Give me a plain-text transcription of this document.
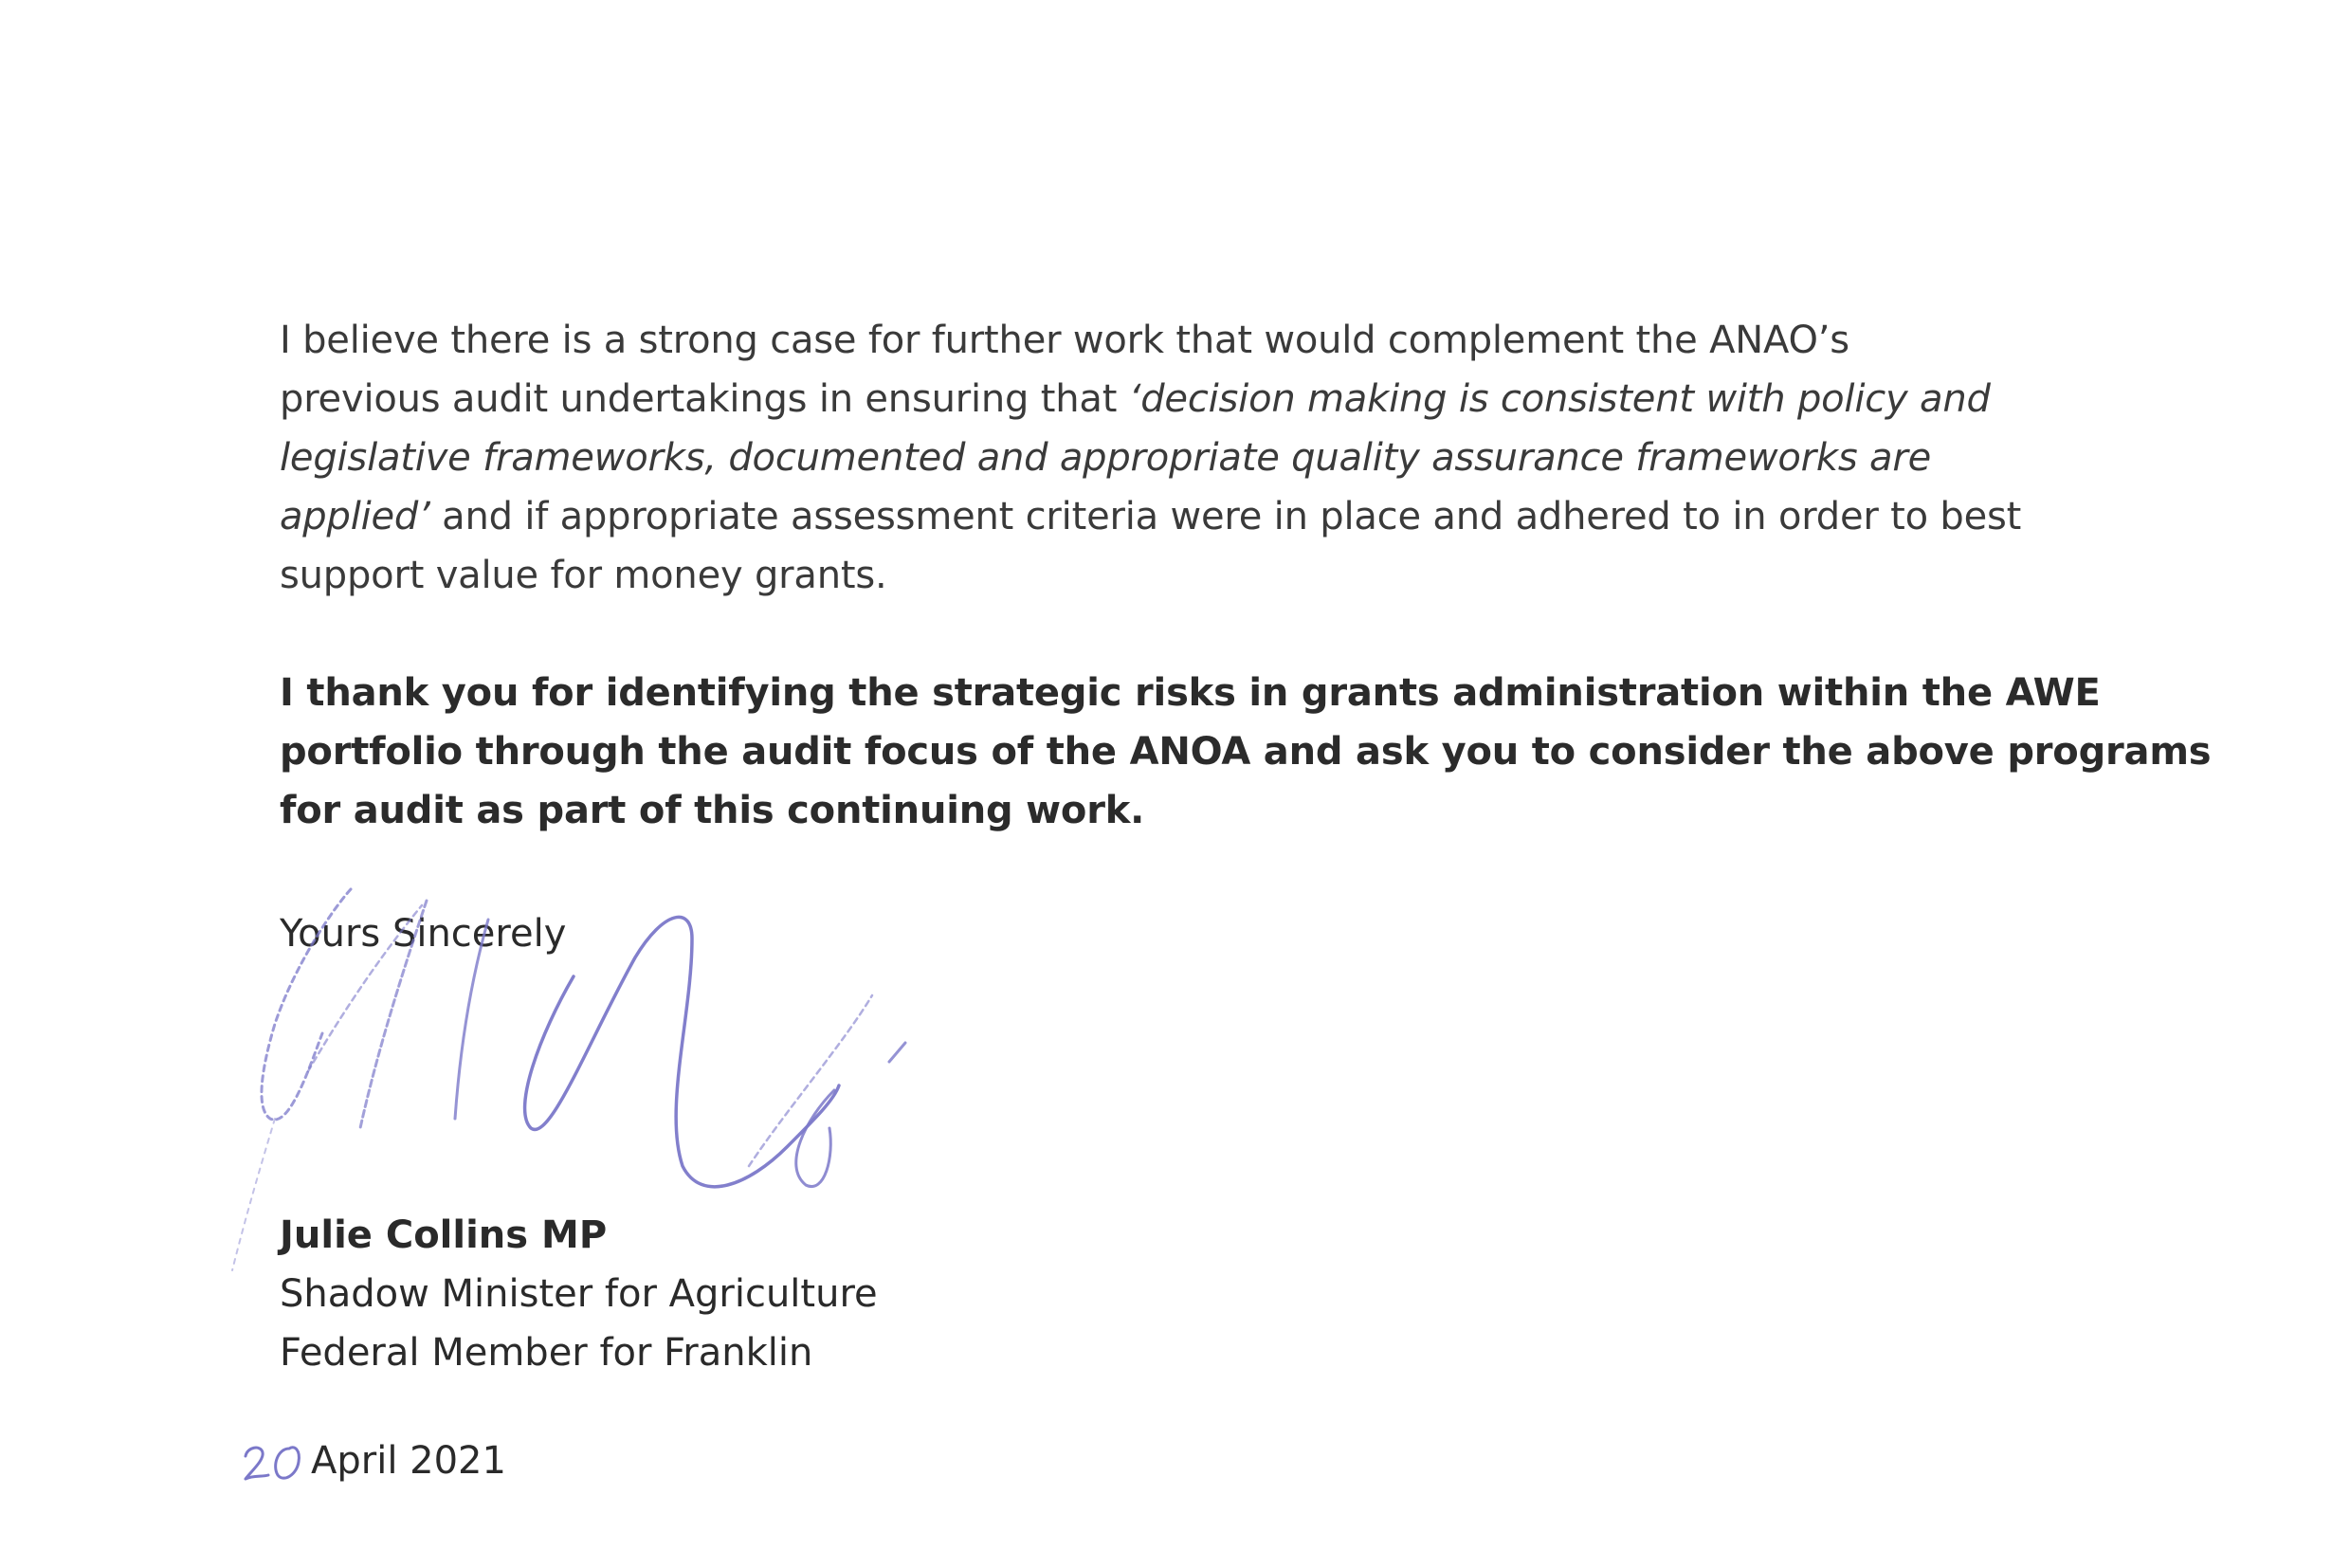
I believe there is a strong case for further work that would complement the ANAO’s
previous audit undertakings in ensuring that ‘decision making is consistent with policy and
legislative frameworks, documented and appropriate quality assurance frameworks are
applied’ and if appropriate assessment criteria were in place and adhered to in order to best
support value for money grants.

I thank you for identifying the strategic risks in grants administration within the AWE
portfolio through the audit focus of the ANOA and ask you to consider the above programs
for audit as part of this continuing work.

Yours Sincerely

Julie Collins MP
Shadow Minister for Agriculture
Federal Member for Franklin

April 2021
